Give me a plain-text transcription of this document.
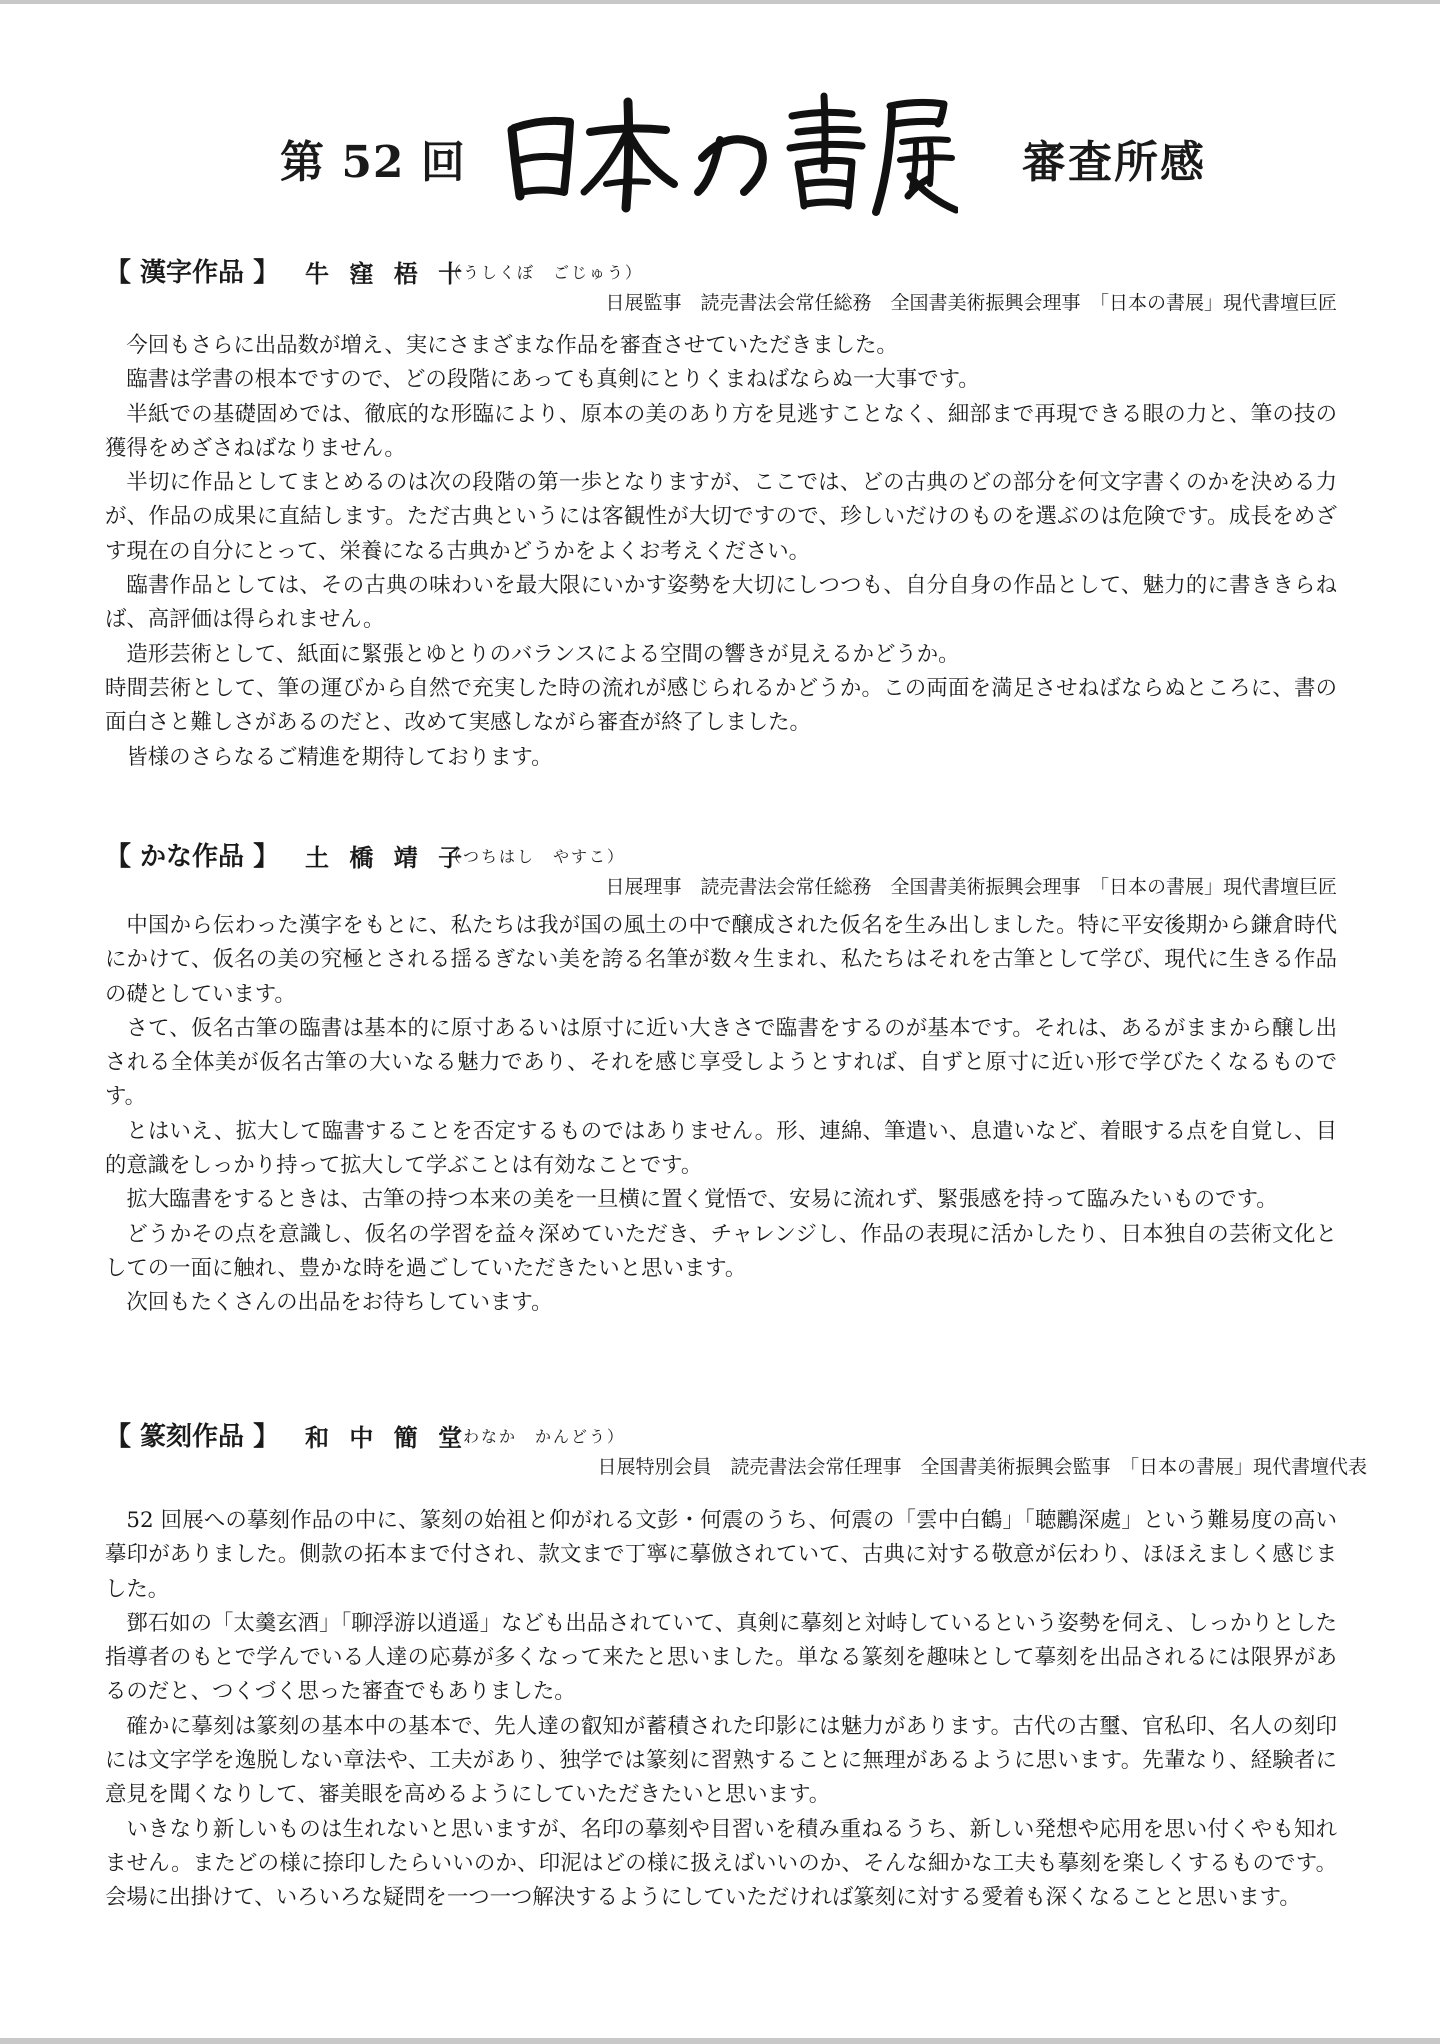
第 52 回	審査所感
【 漢字作品 】 牛 窪 梧 十
（うしくぼ　ごじゅう）
日展監事　読売書法会常任総務　全国書美術振興会理事　「日本の書展」現代書壇巨匠

今回もさらに出品数が増え、実にさまざまな作品を審査させていただきました。

臨書は学書の根本ですので、どの段階にあっても真剣にとりくまねばならぬ一大事です。

半紙での基礎固めでは、徹底的な形臨により、原本の美のあり方を見逃すことなく、細部まで再現できる眼の力と、筆の技の獲得をめざさねばなりません。

半切に作品としてまとめるのは次の段階の第一歩となりますが、ここでは、どの古典のどの部分を何文字書くのかを決める力が、作品の成果に直結します。ただ古典というには客観性が大切ですので、珍しいだけのものを選ぶのは危険です。成長をめざす現在の自分にとって、栄養になる古典かどうかをよくお考えください。

臨書作品としては、その古典の味わいを最大限にいかす姿勢を大切にしつつも、自分自身の作品として、魅力的に書ききらねば、高評価は得られません。

造形芸術として、紙面に緊張とゆとりのバランスによる空間の響きが見えるかどうか。

時間芸術として、筆の運びから自然で充実した時の流れが感じられるかどうか。この両面を満足させねばならぬところに、書の面白さと難しさがあるのだと、改めて実感しながら審査が終了しました。

皆様のさらなるご精進を期待しております。

【 かな作品 】 土 橋 靖 子
（つちはし　やすこ）
日展理事　読売書法会常任総務　全国書美術振興会理事　「日本の書展」現代書壇巨匠

中国から伝わった漢字をもとに、私たちは我が国の風土の中で醸成された仮名を生み出しました。特に平安後期から鎌倉時代にかけて、仮名の美の究極とされる揺るぎない美を誇る名筆が数々生まれ、私たちはそれを古筆として学び、現代に生きる作品の礎としています。

さて、仮名古筆の臨書は基本的に原寸あるいは原寸に近い大きさで臨書をするのが基本です。それは、あるがままから醸し出される全体美が仮名古筆の大いなる魅力であり、それを感じ享受しようとすれば、自ずと原寸に近い形で学びたくなるものです。

とはいえ、拡大して臨書することを否定するものではありません。形、連綿、筆遣い、息遣いなど、着眼する点を自覚し、目的意識をしっかり持って拡大して学ぶことは有効なことです。

拡大臨書をするときは、古筆の持つ本来の美を一旦横に置く覚悟で、安易に流れず、緊張感を持って臨みたいものです。

どうかその点を意識し、仮名の学習を益々深めていただき、チャレンジし、作品の表現に活かしたり、日本独自の芸術文化としての一面に触れ、豊かな時を過ごしていただきたいと思います。

次回もたくさんの出品をお待ちしています。

【 篆刻作品 】 和 中 簡 堂
（わなか　かんどう）
日展特別会員　読売書法会常任理事　全国書美術振興会監事　「日本の書展」現代書壇代表

52 回展への摹刻作品の中に、篆刻の始祖と仰がれる文彭・何震のうち、何震の「雲中白鶴」「聴鸝深處」という難易度の高い摹印がありました。側款の拓本まで付され、款文まで丁寧に摹倣されていて、古典に対する敬意が伝わり、ほほえましく感じました。

鄧石如の「太羹玄酒」「聊浮游以逍遥」なども出品されていて、真剣に摹刻と対峙しているという姿勢を伺え、しっかりとした指導者のもとで学んでいる人達の応募が多くなって来たと思いました。単なる篆刻を趣味として摹刻を出品されるには限界があるのだと、つくづく思った審査でもありました。

確かに摹刻は篆刻の基本中の基本で、先人達の叡知が蓄積された印影には魅力があります。古代の古璽、官私印、名人の刻印には文字学を逸脱しない章法や、工夫があり、独学では篆刻に習熟することに無理があるように思います。先輩なり、経験者に意見を聞くなりして、審美眼を高めるようにしていただきたいと思います。

いきなり新しいものは生れないと思いますが、名印の摹刻や目習いを積み重ねるうち、新しい発想や応用を思い付くやも知れません。またどの様に捺印したらいいのか、印泥はどの様に扱えばいいのか、そんな細かな工夫も摹刻を楽しくするものです。会場に出掛けて、いろいろな疑問を一つ一つ解決するようにしていただければ篆刻に対する愛着も深くなることと思います。
